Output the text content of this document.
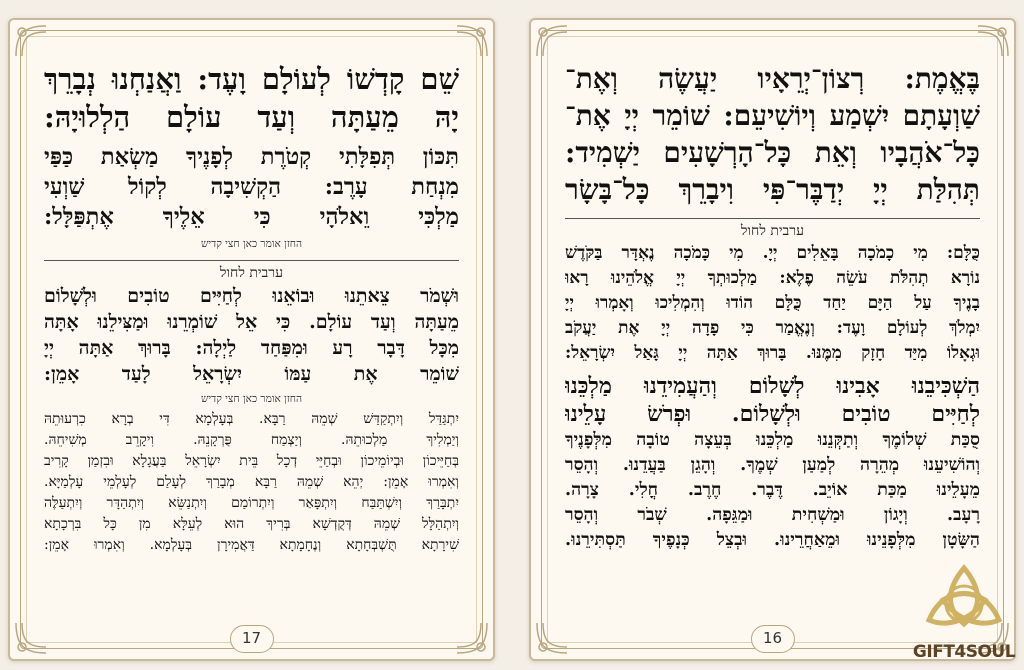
שֵׁם קָדְשׁוֹ לְעוֹלָם וָעֶד: וַאֲנַחְנוּ נְבָרֵךְ
יָהּ מֵעַתָּה וְעַד עוֹלָם הַלְלוּיָהּ:
תִּכּוֹן תְּפִלָּתִי קְטֹרֶת לְפָנֶיךָ מַשְׂאַת כַּפַּי
מִנְחַת עָרֶב: הַקְשִׁיבָה לְקוֹל שַׁוְעִי
מַלְכִּי וֵאלֹהָי כִּי אֵלֶיךָ אֶתְפַּלָּל:
החזן אומר כאן חצי קדיש
ערבית לחול
וּשְׁמֹר צֵאתֵנוּ וּבוֹאֵנוּ לְחַיִּים טוֹבִים וּלְשָׁלוֹם
מֵעַתָּה וְעַד עוֹלָם. כִּי אֵל שׁוֹמְרֵנוּ וּמַצִּילֵנוּ אָתָּה
מִכָּל דָּבָר רָע וּמִפַּחַד לַיְלָה: בָּרוּךְ אַתָּה יְיָ
שׁוֹמֵר אֶת עַמּוֹ יִשְׂרָאֵל לָעַד אָמֵן:
החזן אומר כאן חצי קדיש
יִתְגַּדַּל וְיִתְקַדַּשׁ שְׁמֵהּ רַבָּא. בְּעָלְמָא דִּי בְרָא כִרְעוּתֵהּ
וְיַמְלִיךְ מַלְכוּתֵהּ. וְיַצְמַח פֻּרְקָנֵהּ. וִיקָרֵב מְשִׁיחֵהּ.
בְּחַיֵּיכוֹן וּבְיוֹמֵיכוֹן וּבְחַיֵּי דְכָל בֵּית יִשְׂרָאֵל בַּעֲגָלָא וּבִזְמַן קָרִיב
וְאִמְרוּ אָמֵן: יְהֵא שְׁמֵהּ רַבָּא מְבָרַךְ לְעָלַם לְעָלְמֵי עָלְמַיָּא.
יִתְבָּרַךְ וְיִשְׁתַּבַּח וְיִתְפָּאַר וְיִתְרוֹמַם וְיִתְנַשֵּׂא וְיִתְהַדָּר וְיִתְעַלֶּה
וְיִתְהַלָּל שְׁמֵהּ דְּקֻדְשָׁא בְּרִיךְ הוּא לְעֵלָּא מִן כָּל בִּרְכָתָא
שִׁירָתָא תֻּשְׁבְּחָתָא וְנֶחָמָתָא דַּאֲמִירָן בְּעָלְמָא. וְאִמְרוּ אָמֵן:
17
בֶּאֱמֶת: רְצוֹן־יְרֵאָיו יַעֲשֶׂה וְאֶת־
שַׁוְעָתָם יִשְׁמַע וְיוֹשִׁיעֵם: שׁוֹמֵר יְיָ אֶת־
כָּל־אֹהֲבָיו וְאֵת כָּל־הָרְשָׁעִים יַשְׁמִיד:
תְּהִלַּת יְיָ יְדַבֶּר־פִּי וִיבָרֵךְ כָּל־בָּשָׂר
ערבית לחול
כֻּלָּם: מִי כָמֹכָה בָּאֵלִים יְיָ. מִי כָּמֹכָה נֶאְדָּר בַּקֹּדֶשׁ
נוֹרָא תְהִלֹּת עֹשֵׂה פֶלֶא: מַלְכוּתְךָ יְיָ אֱלֹהֵינוּ רָאוּ
בָנֶיךָ עַל הַיָּם יַחַד כֻּלָּם הוֹדוּ וְהִמְלִיכוּ וְאָמְרוּ יְיָ
יִמְלֹךְ לְעוֹלָם וָעֶד: וְנֶאֱמַר כִּי פָדָה יְיָ אֶת יַעֲקֹב
וּגְאָלוֹ מִיַּד חָזָק מִמֶּנּוּ. בָּרוּךְ אַתָּה יְיָ גָּאַל יִשְׂרָאֵל:
הַשְׁכִּיבֵנוּ אָבִינוּ לְשָׁלוֹם וְהַעֲמִידֵנוּ מַלְכֵּנוּ
לְחַיִּים טוֹבִים וּלְשָׁלוֹם. וּפְרֹשׂ עָלֵינוּ
סֻכַּת שְׁלוֹמֶךָ וְתַקְּנֵנוּ מַלְכֵּנוּ בְּעֵצָה טוֹבָה מִלְּפָנֶיךָ
וְהוֹשִׁיעֵנוּ מְהֵרָה לְמַעַן שְׁמֶךָ. וְהָגֵן בַּעֲדֵנוּ. וְהָסֵר
מֵעָלֵינוּ מַכַּת אוֹיֵב. דֶּבֶר. חֶרֶב. חֳלִי. צָרָה.
רָעָב. וְיָגוֹן וּמַשְׁחִית וּמַגֵּפָה. שְׁבֹר וְהָסֵר
הַשָּׂטָן מִלְּפָנֵינוּ וּמֵאַחֲרֵינוּ. וּבְצֵל כְּנָפֶיךָ תַּסְתִּירֵנוּ.
16
GIFT4SOUL
